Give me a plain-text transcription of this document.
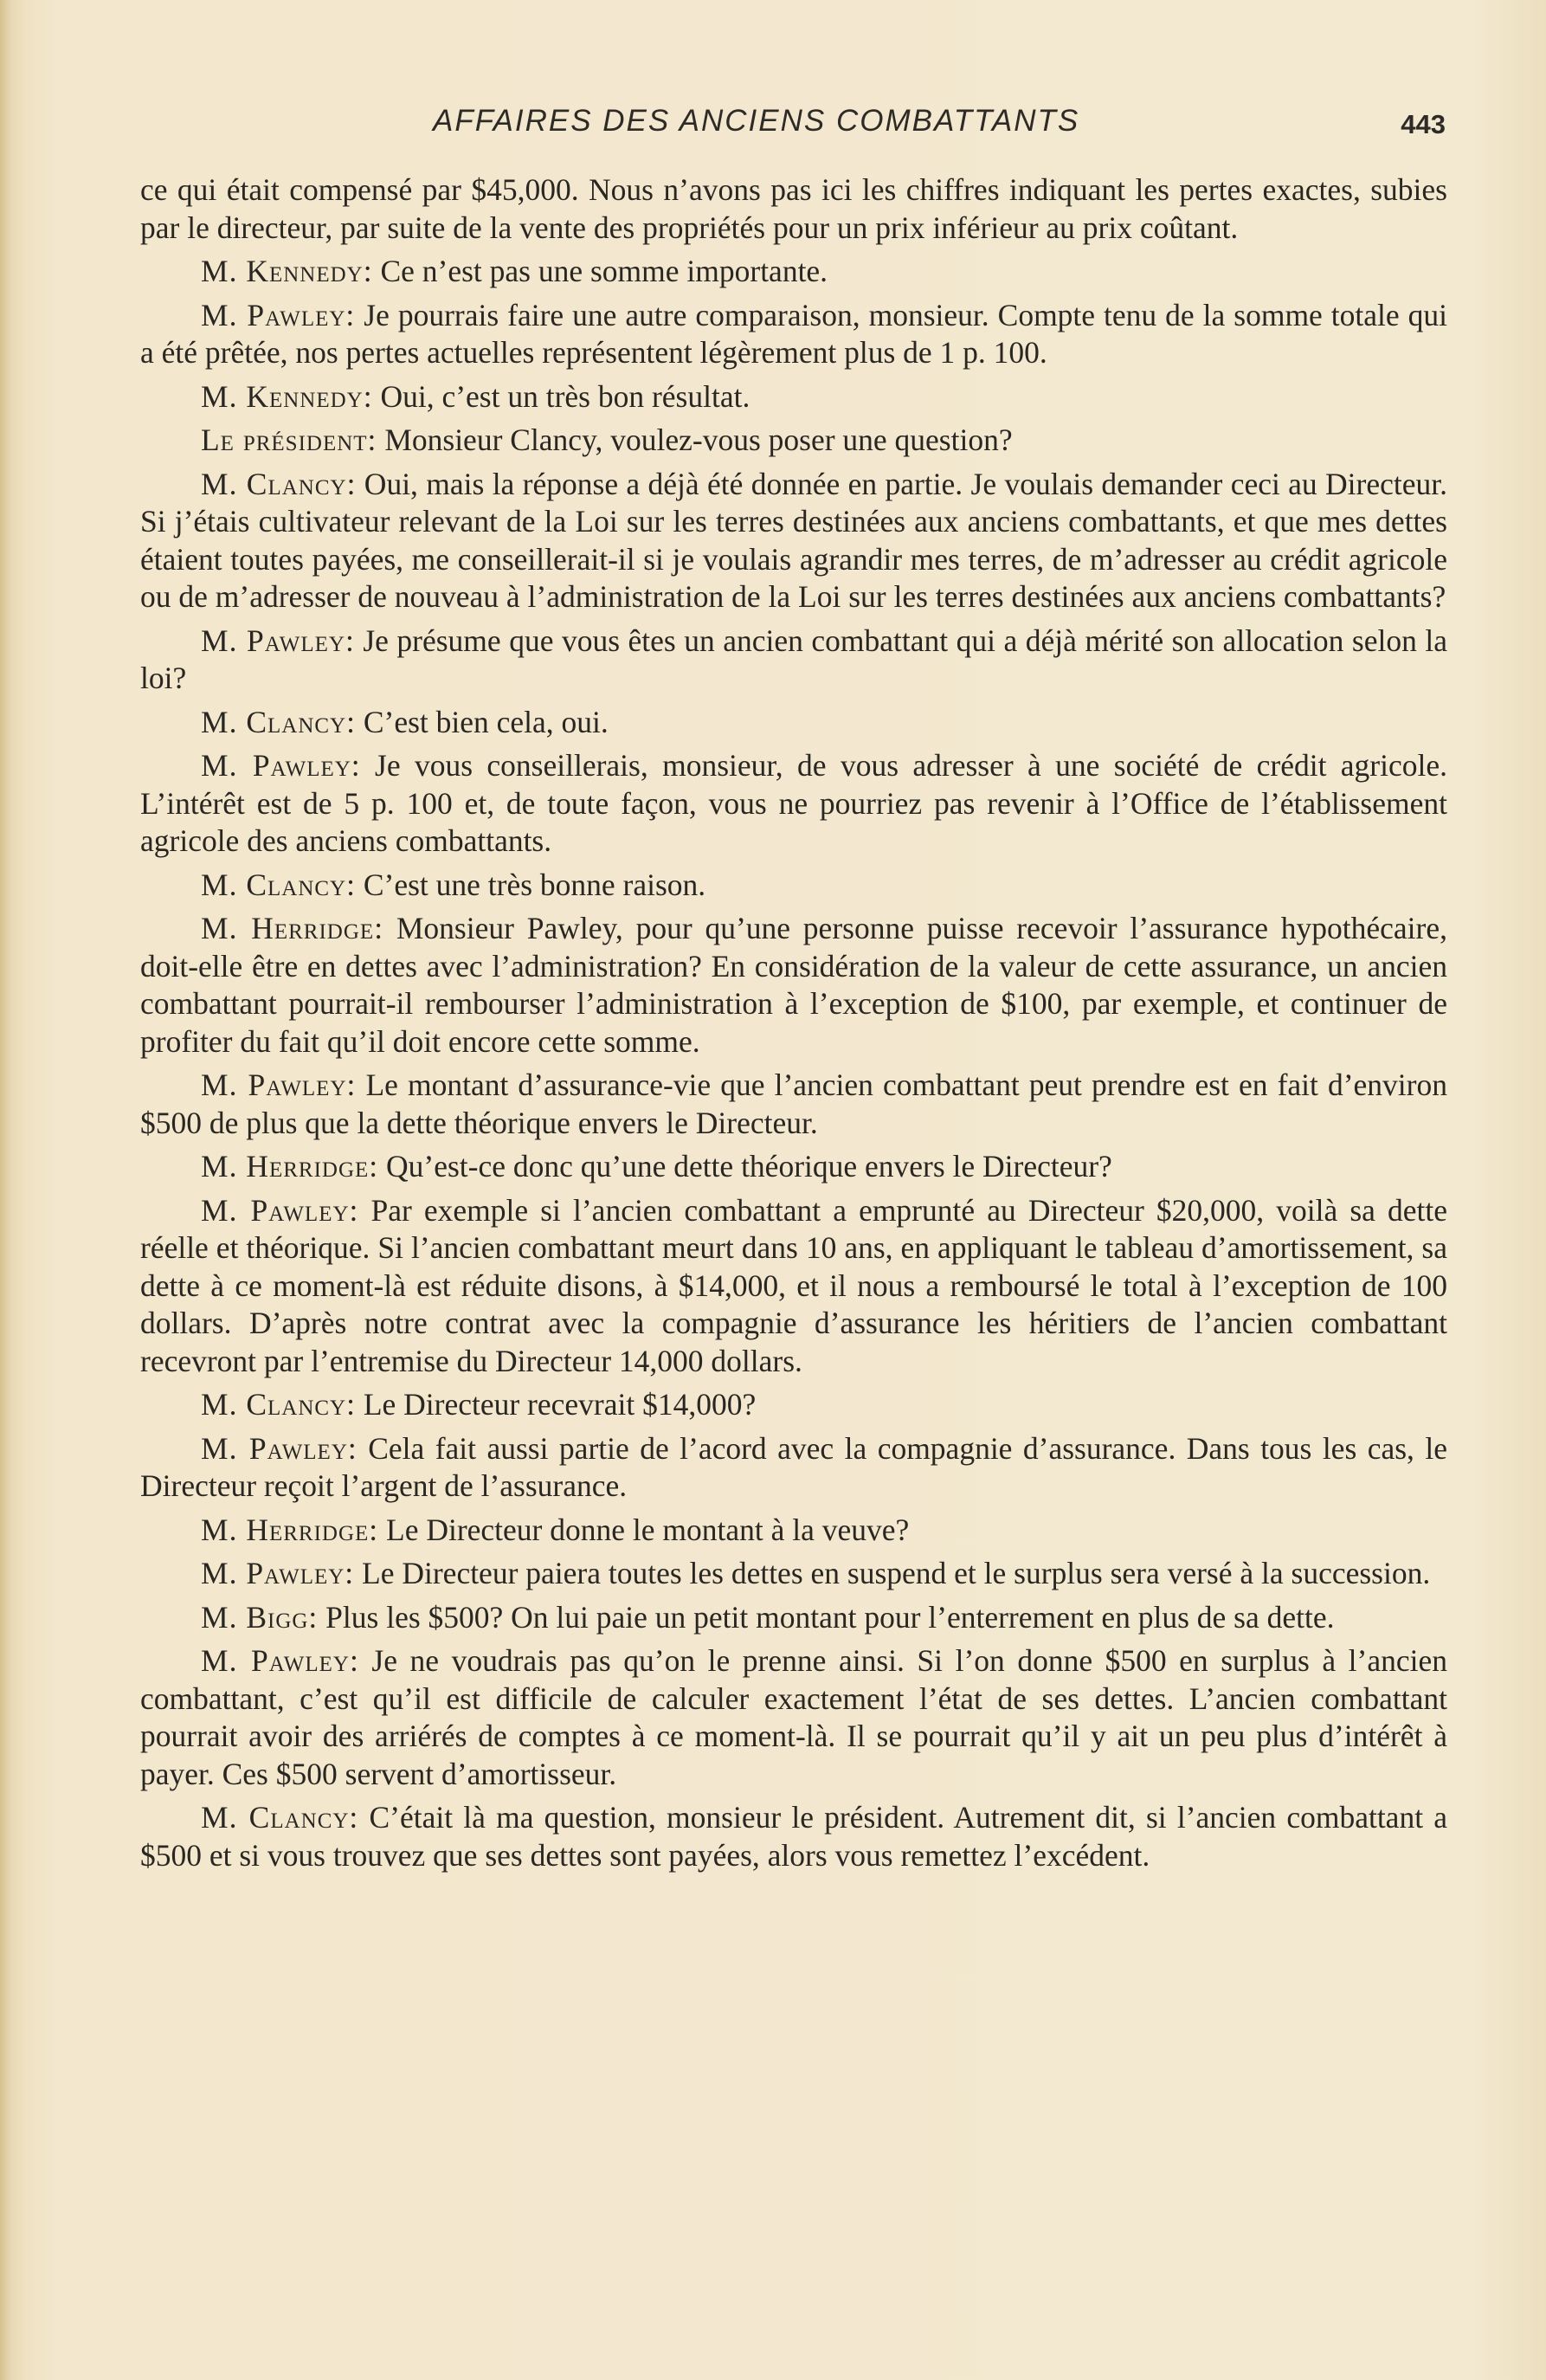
AFFAIRES DES ANCIENS COMBATTANTS	443

ce qui était compensé par $45,000. Nous n’avons pas ici les chiffres indiquant les pertes exactes, subies par le directeur, par suite de la vente des propriétés pour un prix inférieur au prix coûtant.

M. Kennedy: Ce n’est pas une somme importante.

M. Pawley: Je pourrais faire une autre comparaison, monsieur. Compte tenu de la somme totale qui a été prêtée, nos pertes actuelles représentent légèrement plus de 1 p. 100.

M. Kennedy: Oui, c’est un très bon résultat.

Le président: Monsieur Clancy, voulez-vous poser une question?

M. Clancy: Oui, mais la réponse a déjà été donnée en partie. Je voulais demander ceci au Directeur. Si j’étais cultivateur relevant de la Loi sur les terres destinées aux anciens combattants, et que mes dettes étaient toutes payées, me conseillerait-il si je voulais agrandir mes terres, de m’adresser au crédit agricole ou de m’adresser de nouveau à l’administration de la Loi sur les terres destinées aux anciens combattants?

M. Pawley: Je présume que vous êtes un ancien combattant qui a déjà mérité son allocation selon la loi?

M. Clancy: C’est bien cela, oui.

M. Pawley: Je vous conseillerais, monsieur, de vous adresser à une société de crédit agricole. L’intérêt est de 5 p. 100 et, de toute façon, vous ne pourriez pas revenir à l’Office de l’établissement agricole des anciens combattants.

M. Clancy: C’est une très bonne raison.

M. Herridge: Monsieur Pawley, pour qu’une personne puisse recevoir l’assurance hypothécaire, doit-elle être en dettes avec l’administration? En considération de la valeur de cette assurance, un ancien combattant pourrait-il rembourser l’administration à l’exception de $100, par exemple, et continuer de profiter du fait qu’il doit encore cette somme.

M. Pawley: Le montant d’assurance-vie que l’ancien combattant peut prendre est en fait d’environ $500 de plus que la dette théorique envers le Directeur.

M. Herridge: Qu’est-ce donc qu’une dette théorique envers le Directeur?

M. Pawley: Par exemple si l’ancien combattant a emprunté au Directeur $20,000, voilà sa dette réelle et théorique. Si l’ancien combattant meurt dans 10 ans, en appliquant le tableau d’amortissement, sa dette à ce moment-là est réduite disons, à $14,000, et il nous a remboursé le total à l’exception de 100 dollars. D’après notre contrat avec la compagnie d’assurance les héritiers de l’ancien combattant recevront par l’entremise du Directeur 14,000 dollars.

M. Clancy: Le Directeur recevrait $14,000?

M. Pawley: Cela fait aussi partie de l’acord avec la compagnie d’assurance. Dans tous les cas, le Directeur reçoit l’argent de l’assurance.

M. Herridge: Le Directeur donne le montant à la veuve?

M. Pawley: Le Directeur paiera toutes les dettes en suspend et le surplus sera versé à la succession.

M. Bigg: Plus les $500? On lui paie un petit montant pour l’enterrement en plus de sa dette.

M. Pawley: Je ne voudrais pas qu’on le prenne ainsi. Si l’on donne $500 en surplus à l’ancien combattant, c’est qu’il est difficile de calculer exactement l’état de ses dettes. L’ancien combattant pourrait avoir des arriérés de comptes à ce moment-là. Il se pourrait qu’il y ait un peu plus d’intérêt à payer. Ces $500 servent d’amortisseur.

M. Clancy: C’était là ma question, monsieur le président. Autrement dit, si l’ancien combattant a $500 et si vous trouvez que ses dettes sont payées, alors vous remettez l’excédent.
